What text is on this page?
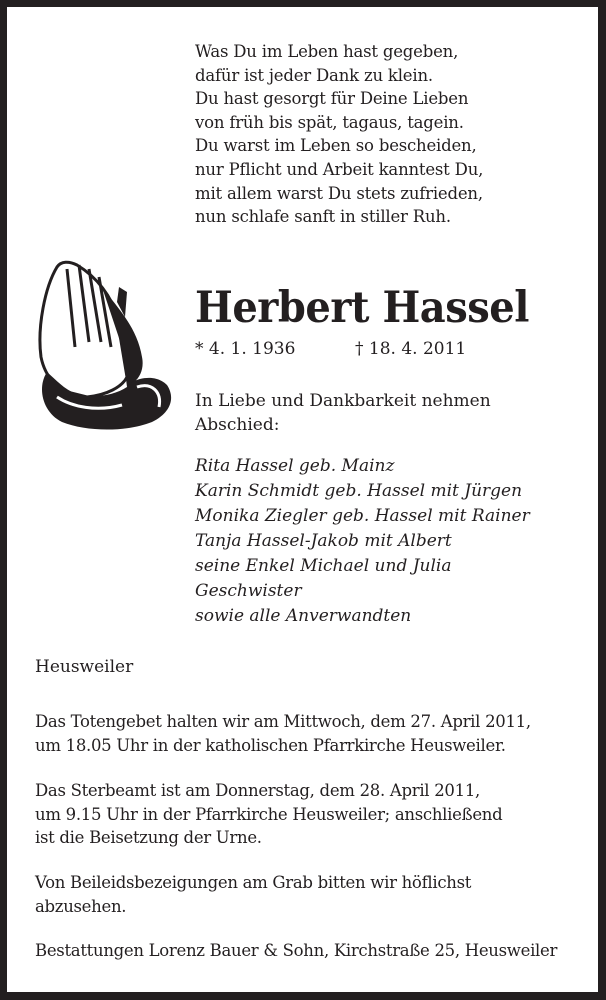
Was Du im Leben hast gegeben,
dafür ist jeder Dank zu klein.
Du hast gesorgt für Deine Lieben
von früh bis spät, tagaus, tagein.
Du warst im Leben so bescheiden,
nur Pflicht und Arbeit kanntest Du,
mit allem warst Du stets zufrieden,
nun schlafe sanft in stiller Ruh.
Herbert Hassel
* 4. 1. 1936	† 18. 4. 2011
In Liebe und Dankbarkeit nehmen Abschied:
Rita Hassel geb. Mainz
Karin Schmidt geb. Hassel mit Jürgen
Monika Ziegler geb. Hassel mit Rainer
Tanja Hassel-Jakob mit Albert
seine Enkel Michael und Julia
Geschwister
sowie alle Anverwandten
Heusweiler
Das Totengebet halten wir am Mittwoch, dem 27. April 2011,
um 18.05 Uhr in der katholischen Pfarrkirche Heusweiler.
Das Sterbeamt ist am Donnerstag, dem 28. April 2011,
um 9.15 Uhr in der Pfarrkirche Heusweiler; anschließend
ist die Beisetzung der Urne.
Von Beileidsbezeigungen am Grab bitten wir höflichst
abzusehen.
Bestattungen Lorenz Bauer & Sohn, Kirchstraße 25, Heusweiler
